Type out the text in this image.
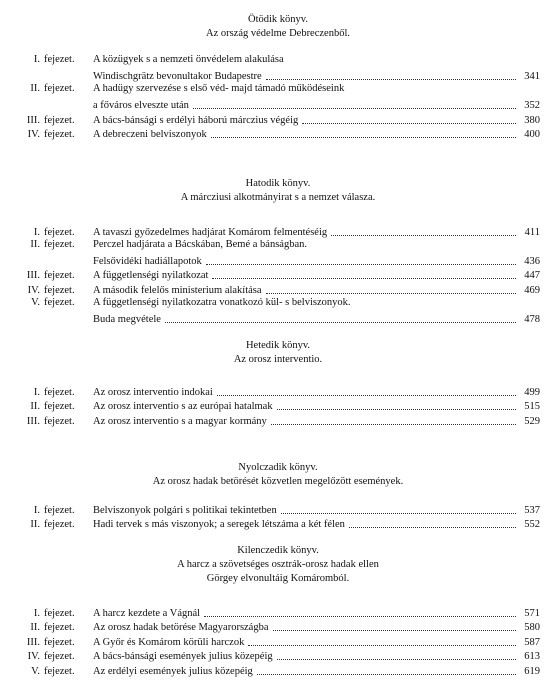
Ötödik könyv.

Az ország védelme Debreczenből.

I. fejezet. A közügyek s a nemzeti önvédelem alakulása
Windischgrätz bevonultakor Budapestre	341
II. fejezet. A hadügy szervezése s első véd- majd támadó működéseink
a főváros elveszte után	352
III. fejezet. A bács-bánsági s erdélyi háború márczius végéig	380
IV. fejezet. A debreczeni belviszonyok	400

Hatodik könyv.

A márcziusi alkotmányirat s a nemzet válasza.

I. fejezet. A tavaszi győzedelmes hadjárat Komárom felmentéséig	411
II. fejezet. Perczel hadjárata a Bácskában, Bemé a bánságban.
Felsővidéki hadiállapotok	436
III. fejezet. A függetlenségi nyilatkozat	447
IV. fejezet. A második felelős ministerium alakítása	469
V. fejezet. A függetlenségi nyilatkozatra vonatkozó kül- s belviszonyok.
Buda megvétele	478

Hetedik könyv.

Az orosz interventio.

I. fejezet. Az orosz interventio indokai	499
II. fejezet. Az orosz interventio s az európai hatalmak	515
III. fejezet. Az orosz interventio s a magyar kormány	529

Nyolczadik könyv.

Az orosz hadak betörését közvetlen megelőzött események.

I. fejezet. Belviszonyok polgári s politikai tekintetben	537
II. fejezet. Hadi tervek s más viszonyok; a seregek létszáma a két félen	552

Kilenczedik könyv.

A harcz a szövetséges osztrák-orosz hadak ellen

Görgey elvonultáig Komáromból.

I. fejezet. A harcz kezdete a Vágnál	571
II. fejezet. Az orosz hadak betörése Magyarországba	580
III. fejezet. A Győr és Komárom körüli harczok	587
IV. fejezet. A bács-bánsági események julius közepéig	613
V. fejezet. Az erdélyi események julius közepéig	619
